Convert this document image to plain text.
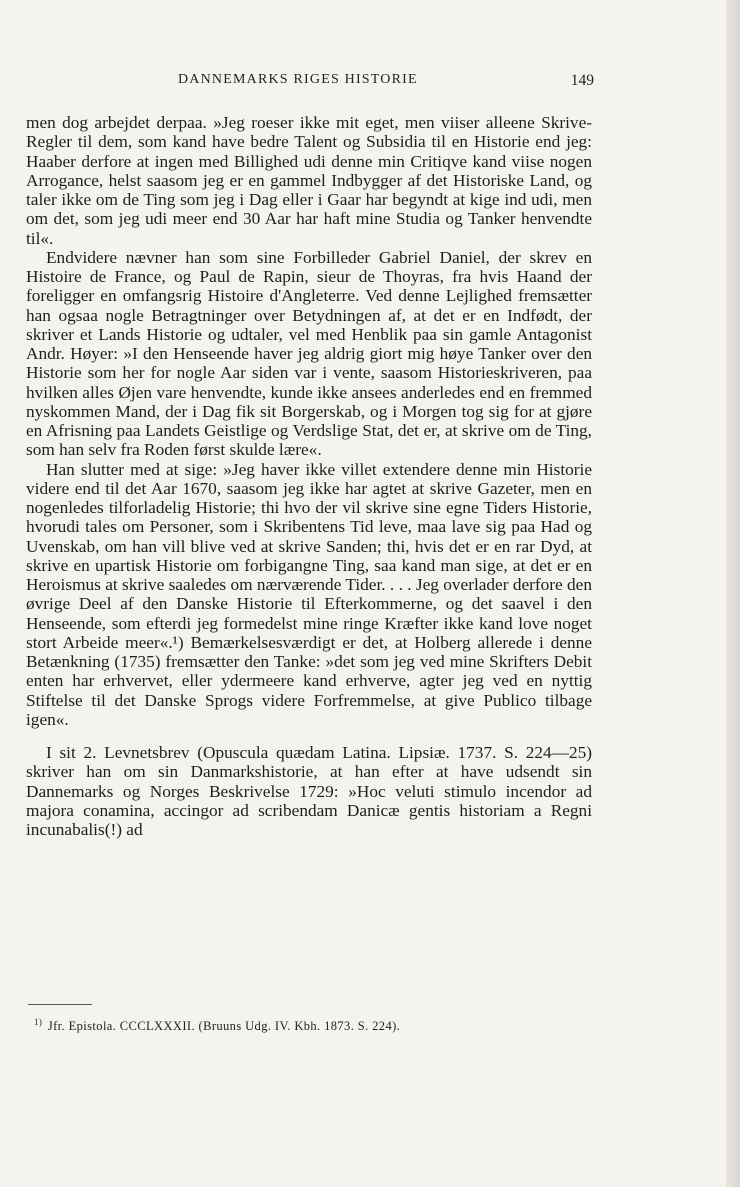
DANNEMARKS RIGES HISTORIE	149

men dog arbejdet derpaa. »Jeg roeser ikke mit eget, men viiser alleene Skrive-Regler til dem, som kand have bedre Talent og Subsidia til en Historie end jeg: Haaber derfore at ingen med Billighed udi denne min Critiqve kand viise nogen Arrogance, helst saasom jeg er en gammel Indbygger af det Historiske Land, og taler ikke om de Ting som jeg i Dag eller i Gaar har begyndt at kige ind udi, men om det, som jeg udi meer end 30 Aar har haft mine Studia og Tanker henvendte til«.

Endvidere nævner han som sine Forbilleder Gabriel Daniel, der skrev en Histoire de France, og Paul de Rapin, sieur de Thoyras, fra hvis Haand der foreligger en omfangsrig Histoire d'Angleterre. Ved denne Lejlighed fremsætter han ogsaa nogle Betragtninger over Betydningen af, at det er en Indfødt, der skriver et Lands Historie og udtaler, vel med Henblik paa sin gamle Antagonist Andr. Høyer: »I den Henseende haver jeg aldrig giort mig høye Tanker over den Historie som her for nogle Aar siden var i vente, saasom Historieskriveren, paa hvilken alles Øjen vare henvendte, kunde ikke ansees anderledes end en fremmed nyskommen Mand, der i Dag fik sit Borgerskab, og i Morgen tog sig for at gjøre en Afrisning paa Landets Geistlige og Verdslige Stat, det er, at skrive om de Ting, som han selv fra Roden først skulde lære«.

Han slutter med at sige: »Jeg haver ikke villet extendere denne min Historie videre end til det Aar 1670, saasom jeg ikke har agtet at skrive Gazeter, men en nogenledes tilforladelig Historie; thi hvo der vil skrive sine egne Tiders Historie, hvorudi tales om Personer, som i Skribentens Tid leve, maa lave sig paa Had og Uvenskab, om han vill blive ved at skrive Sanden; thi, hvis det er en rar Dyd, at skrive en upartisk Historie om forbigangne Ting, saa kand man sige, at det er en Heroismus at skrive saaledes om nærværende Tider. . . . Jeg overlader derfore den øvrige Deel af den Danske Historie til Efterkommerne, og det saavel i den Henseende, som efterdi jeg formedelst mine ringe Kræfter ikke kand love noget stort Arbeide meer«.¹) Bemærkelsesværdigt er det, at Holberg allerede i denne Betænkning (1735) fremsætter den Tanke: »det som jeg ved mine Skrifters Debit enten har erhvervet, eller ydermeere kand erhverve, agter jeg ved en nyttig Stiftelse til det Danske Sprogs videre Forfremmelse, at give Publico tilbage igen«.

I sit 2. Levnetsbrev (Opuscula quædam Latina. Lipsiæ. 1737. S. 224—25) skriver han om sin Danmarkshistorie, at han efter at have udsendt sin Dannemarks og Norges Beskrivelse 1729: »Hoc veluti stimulo incendor ad majora conamina, accingor ad scribendam Danicæ gentis historiam a Regni incunabalis(!) ad

$^{1)}$ Jfr. Epistola. CCCLXXXII. (Bruuns Udg. IV. Kbh. 1873. S. 224).
